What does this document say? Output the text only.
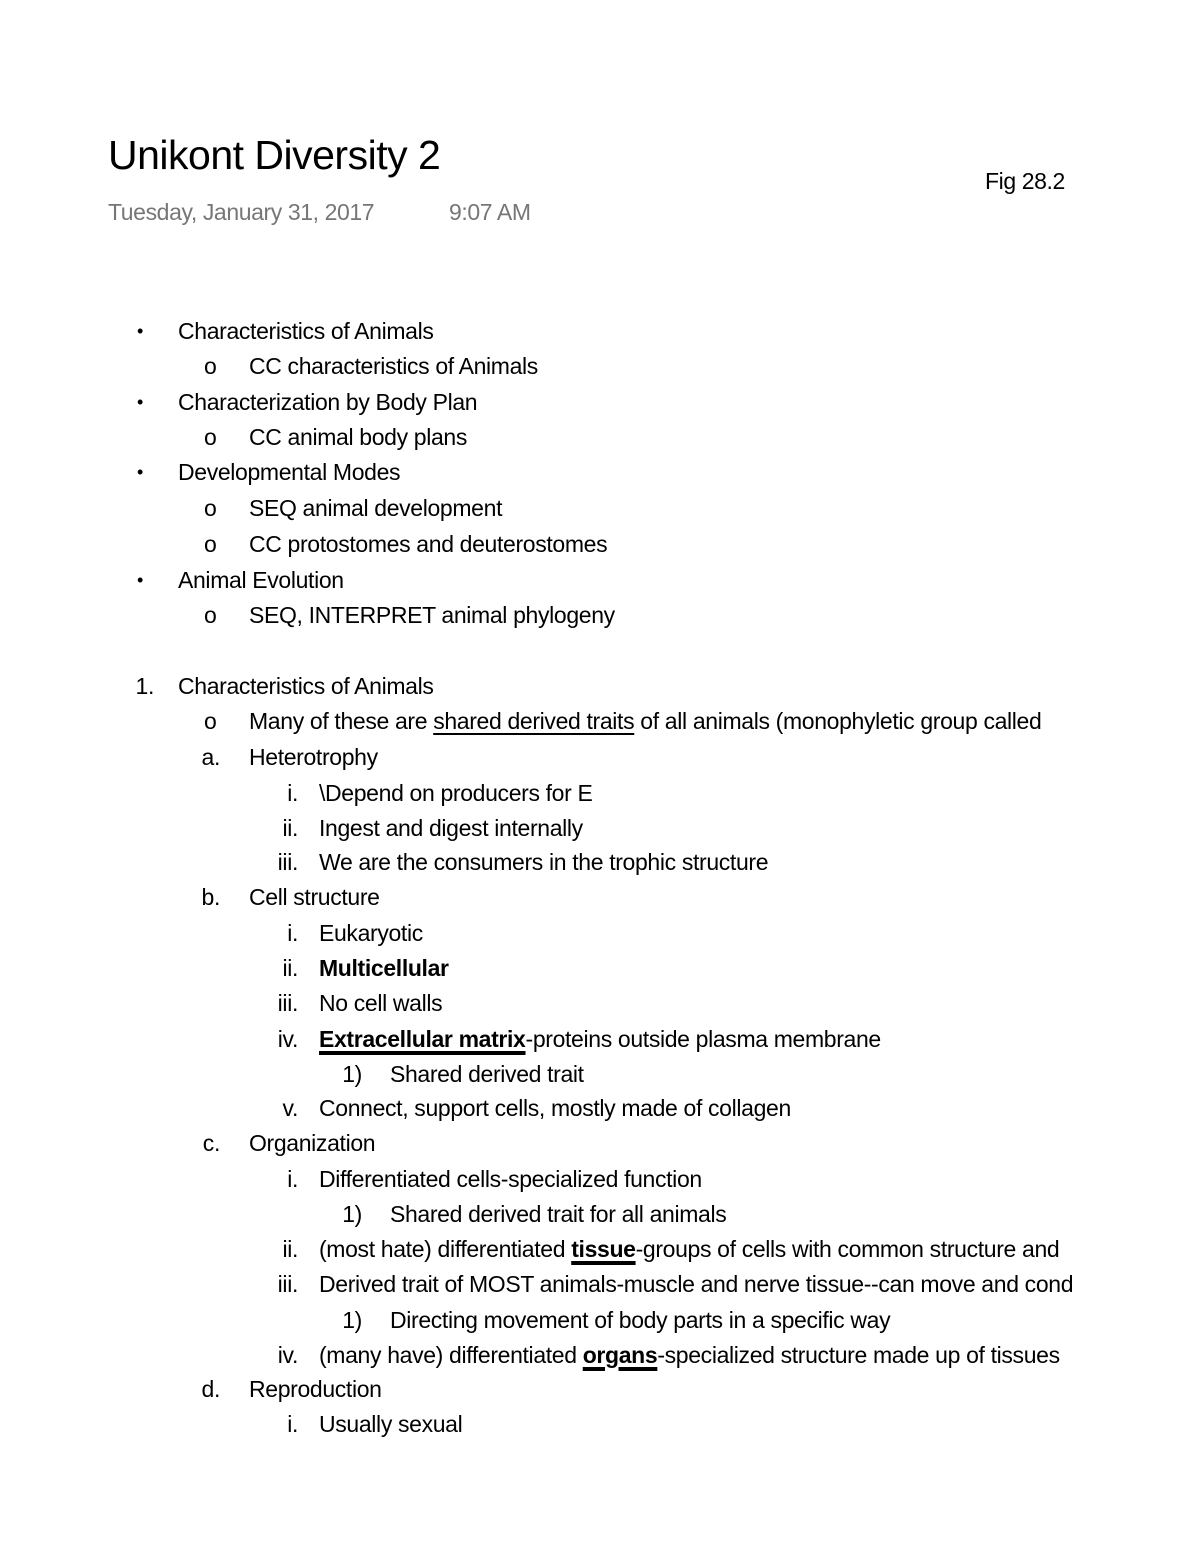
Unikont Diversity 2
Tuesday, January 31, 2017	9:07 AM
Fig 28.2
•	Characteristics of Animals
o	CC characteristics of Animals
•	Characterization by Body Plan
o	CC animal body plans
•	Developmental Modes
o	SEQ animal development
o	CC protostomes and deuterostomes
•	Animal Evolution
o	SEQ, INTERPRET animal phylogeny
1. Characteristics of Animals
o	Many of these are shared derived traits of all animals (monophyletic group called
a. Heterotrophy
i. \Depend on producers for E
ii. Ingest and digest internally
iii. We are the consumers in the trophic structure
b. Cell structure
i. Eukaryotic
ii. Multicellular
iii. No cell walls
iv. Extracellular matrix-proteins outside plasma membrane
1) Shared derived trait
v. Connect, support cells, mostly made of collagen
c. Organization
i. Differentiated cells-specialized function
1) Shared derived trait for all animals
ii. (most hate) differentiated tissue-groups of cells with common structure and
iii. Derived trait of MOST animals-muscle and nerve tissue--can move and cond
1) Directing movement of body parts in a specific way
iv. (many have) differentiated organs-specialized structure made up of tissues
d. Reproduction
i. Usually sexual
